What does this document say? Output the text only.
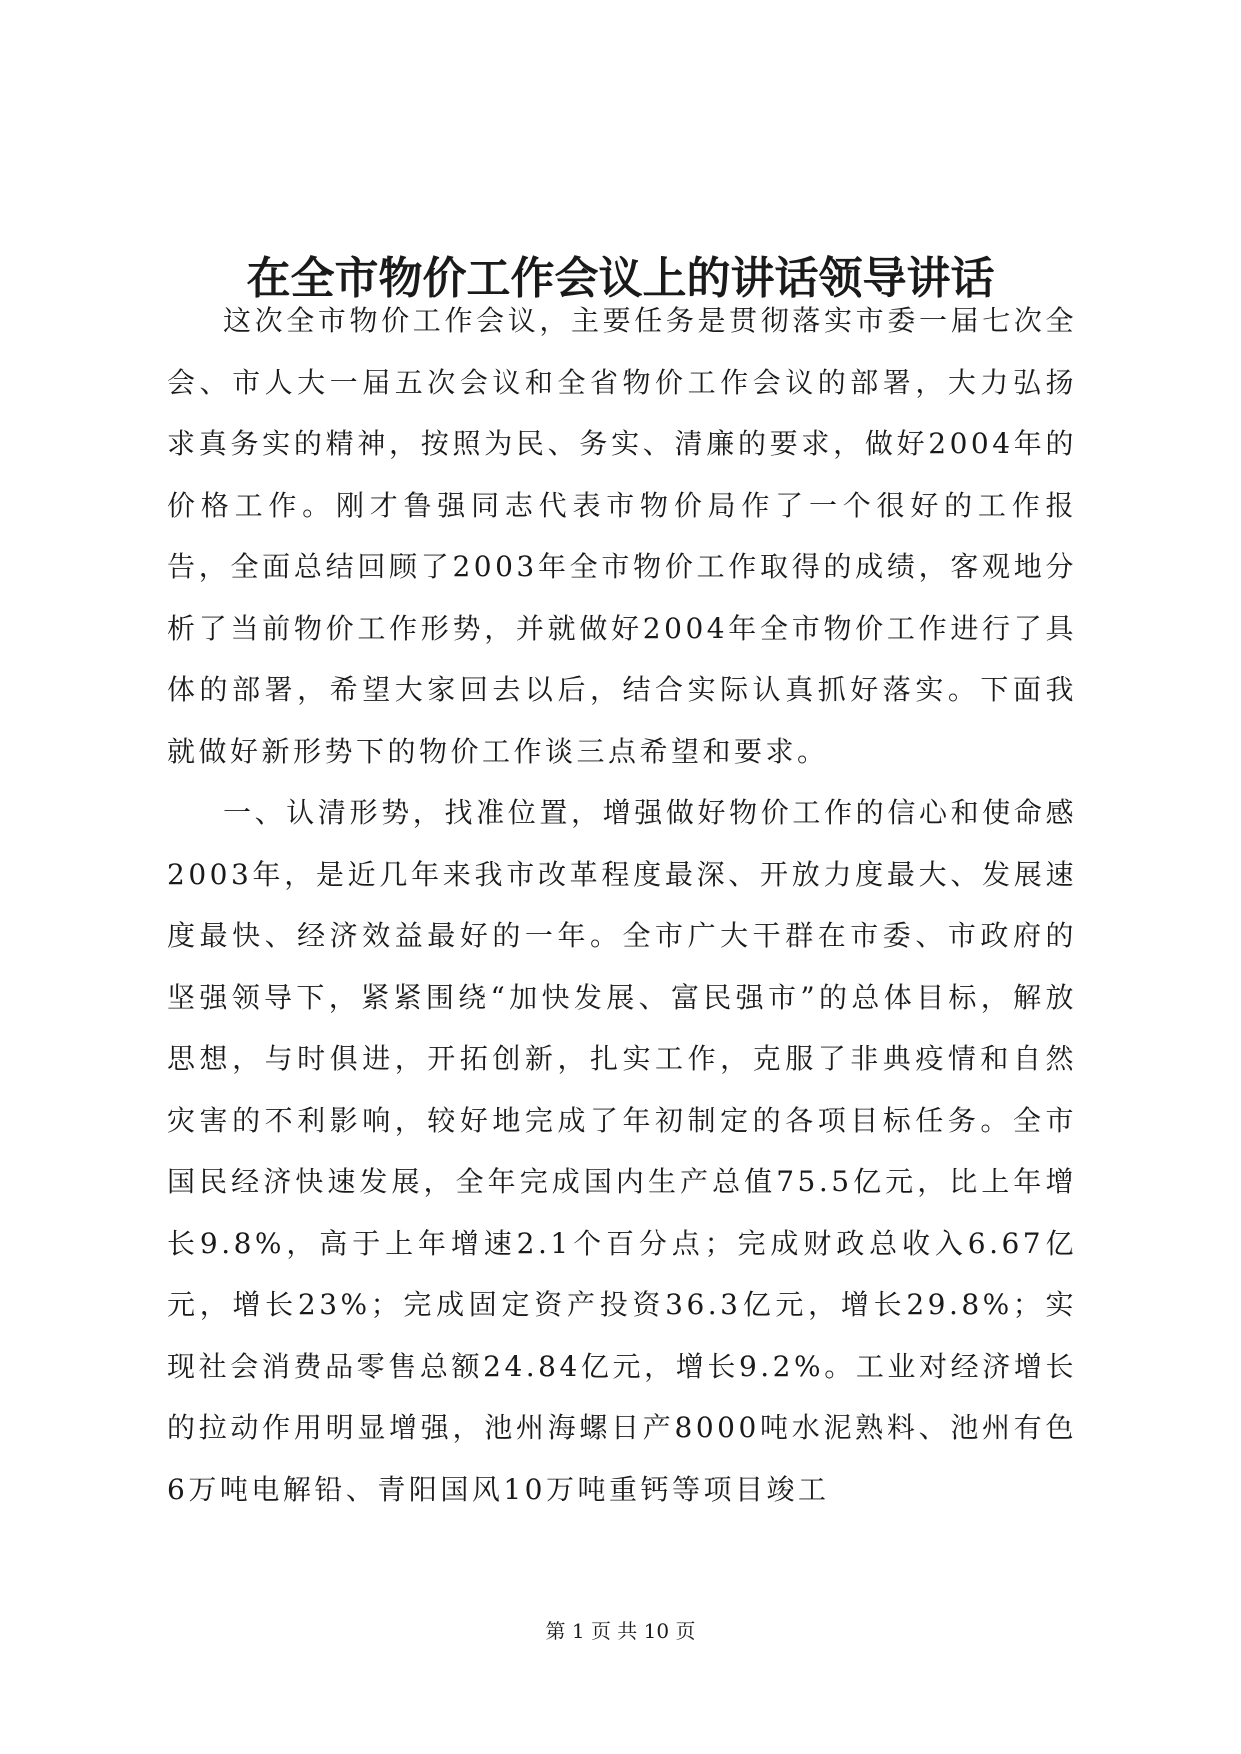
在全市物价工作会议上的讲话领导讲话

这次全市物价工作会议，主要任务是贯彻落实市委一届七次全会、市人大一届五次会议和全省物价工作会议的部署，大力弘扬求真务实的精神，按照为民、务实、清廉的要求，做好2004年的价格工作。刚才鲁强同志代表市物价局作了一个很好的工作报告，全面总结回顾了2003年全市物价工作取得的成绩，客观地分析了当前物价工作形势，并就做好2004年全市物价工作进行了具体的部署，希望大家回去以后，结合实际认真抓好落实。下面我就做好新形势下的物价工作谈三点希望和要求。

一、认清形势，找准位置，增强做好物价工作的信心和使命感2003年，是近几年来我市改革程度最深、开放力度最大、发展速度最快、经济效益最好的一年。全市广大干群在市委、市政府的坚强领导下，紧紧围绕“加快发展、富民强市”的总体目标，解放思想，与时俱进，开拓创新，扎实工作，克服了非典疫情和自然灾害的不利影响，较好地完成了年初制定的各项目标任务。全市国民经济快速发展，全年完成国内生产总值75.5亿元，比上年增长9.8%，高于上年增速2.1个百分点；完成财政总收入6.67亿元，增长23%；完成固定资产投资36.3亿元，增长29.8%；实现社会消费品零售总额24.84亿元，增长9.2%。工业对经济增长的拉动作用明显增强，池州海螺日产8000吨水泥熟料、池州有色6万吨电解铅、青阳国风10万吨重钙等项目竣工

第 1 页 共 10 页
